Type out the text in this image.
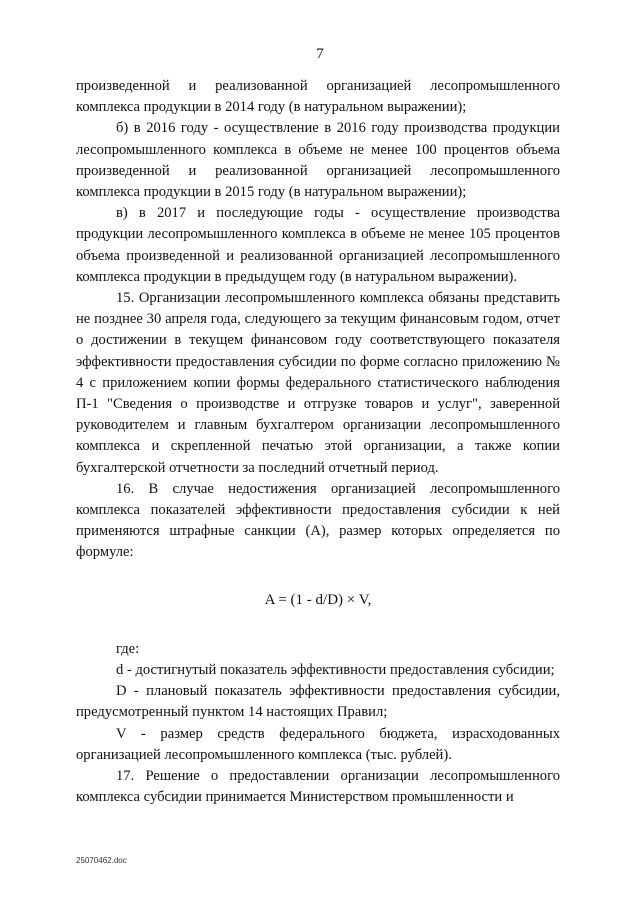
7

произведенной и реализованной организацией лесопромышленного комплекса продукции в 2014 году (в натуральном выражении);

б) в 2016 году - осуществление в 2016 году производства продукции лесопромышленного комплекса в объеме не менее 100 процентов объема произведенной и реализованной организацией лесопромышленного комплекса продукции в 2015 году (в натуральном выражении);

в) в 2017 и последующие годы - осуществление производства продукции лесопромышленного комплекса в объеме не менее 105 процентов объема произведенной и реализованной организацией лесопромышленного комплекса продукции в предыдущем году (в натуральном выражении).

15. Организации лесопромышленного комплекса обязаны представить не позднее 30 апреля года, следующего за текущим финансовым годом, отчет о достижении в текущем финансовом году соответствующего показателя эффективности предоставления субсидии по форме согласно приложению № 4 с приложением копии формы федерального статистического наблюдения П-1 "Сведения о производстве и отгрузке товаров и услуг", заверенной руководителем и главным бухгалтером организации лесопромышленного комплекса и скрепленной печатью этой организации, а также копии бухгалтерской отчетности за последний отчетный период.

16. В случае недостижения организацией лесопромышленного комплекса показателей эффективности предоставления субсидии к ней применяются штрафные санкции (А), размер которых определяется по формуле:

A = (1 - d/D) × V,

где:

d - достигнутый показатель эффективности предоставления субсидии;

D - плановый показатель эффективности предоставления субсидии, предусмотренный пунктом 14 настоящих Правил;

V - размер средств федерального бюджета, израсходованных организацией лесопромышленного комплекса (тыс. рублей).

17. Решение о предоставлении организации лесопромышленного комплекса субсидии принимается Министерством промышленности и

25070462.doc
